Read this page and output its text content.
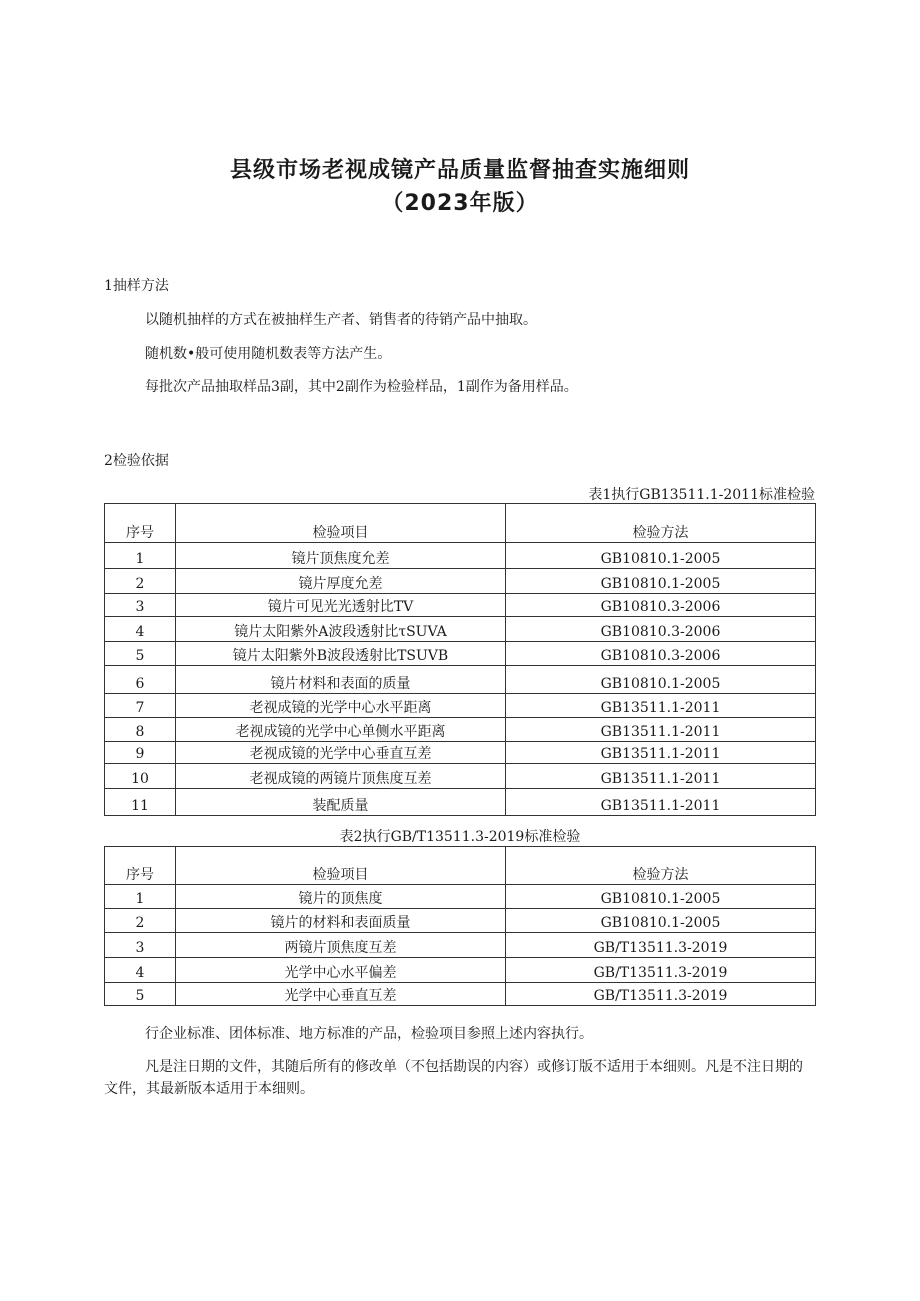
县级市场老视成镜产品质量监督抽查实施细则
（2023年版）
1抽样方法
以随机抽样的方式在被抽样生产者、销售者的待销产品中抽取。
随机数•般可使用随机数表等方法产生。
每批次产品抽取样品3副，其中2副作为检验样品，1副作为备用样品。
2检验依据
表1执行GB13511.1-2011标准检验
序号	检验项目	检验方法
1	镜片顶焦度允差	GB10810.1-2005
2	镜片厚度允差	GB10810.1-2005
3	镜片可见光光透射比TV	GB10810.3-2006
4	镜片太阳紫外A波段透射比τSUVA	GB10810.3-2006
5	镜片太阳紫外B波段透射比TSUVB	GB10810.3-2006
6	镜片材料和表面的质量	GB10810.1-2005
7	老视成镜的光学中心水平距离	GB13511.1-2011
8	老视成镜的光学中心单侧水平距离	GB13511.1-2011
9	老视成镜的光学中心垂直互差	GB13511.1-2011
10	老视成镜的两镜片顶焦度互差	GB13511.1-2011
11	装配质量	GB13511.1-2011
表2执行GB/T13511.3-2019标准检验
序号	检验项目	检验方法
1	镜片的顶焦度	GB10810.1-2005
2	镜片的材料和表面质量	GB10810.1-2005
3	两镜片顶焦度互差	GB/T13511.3-2019
4	光学中心水平偏差	GB/T13511.3-2019
5	光学中心垂直互差	GB/T13511.3-2019
行企业标准、团体标准、地方标准的产品，检验项目参照上述内容执行。
凡是注日期的文件，其随后所有的修改单（不包括勘误的内容）或修订版不适用于本细则。凡是不注日期的文件，其最新版本适用于本细则。
